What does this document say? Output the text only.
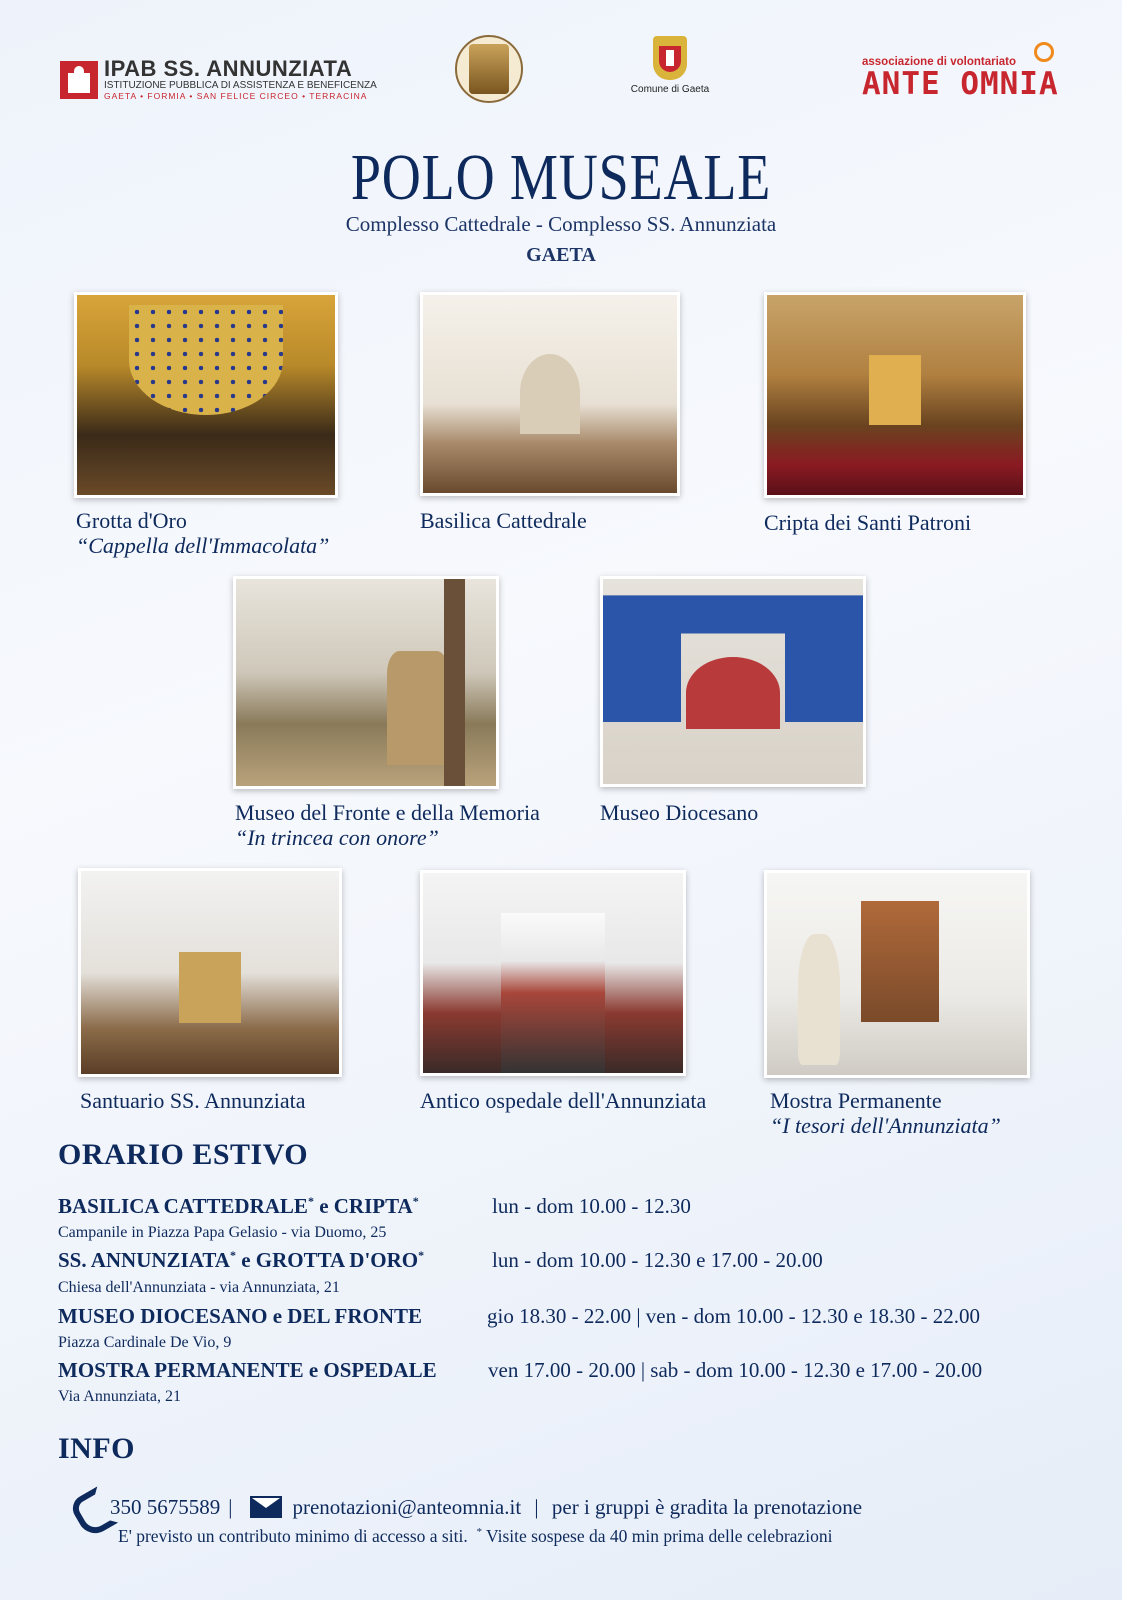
IPAB SS. ANNUNZIATA
ISTITUZIONE PUBBLICA DI ASSISTENZA E BENEFICENZA
GAETA • FORMIA • SAN FELICE CIRCEO • TERRACINA
Comune di Gaeta
associazione di volontariato
ANTE OMNIA
POLO MUSEALE
Complesso Cattedrale - Complesso SS. Annunziata
GAETA
Grotta d'Oro
“Cappella dell'Immacolata”
Basilica Cattedrale	Cripta dei Santi Patroni
Museo del Fronte e della Memoria
“In trincea con onore”
Museo Diocesano
Santuario SS. Annunziata	Antico ospedale dell'Annunziata	Mostra Permanente
“I tesori dell'Annunziata”
ORARIO ESTIVO
BASILICA CATTEDRALE* e CRIPTA*	lun - dom 10.00 - 12.30
Campanile in Piazza Papa Gelasio - via Duomo, 25
SS. ANNUNZIATA* e GROTTA D'ORO*	lun - dom 10.00 - 12.30 e 17.00 - 20.00
Chiesa dell'Annunziata - via Annunziata, 21
MUSEO DIOCESANO e DEL FRONTE	gio 18.30 - 22.00 | ven - dom 10.00 - 12.30 e 18.30 - 22.00
Piazza Cardinale De Vio, 9
MOSTRA PERMANENTE e OSPEDALE ven 17.00 - 20.00 | sab - dom 10.00 - 12.30 e 17.00 - 20.00
Via Annunziata, 21
INFO
350 5675589 |	prenotazioni@anteomnia.it | per i gruppi è gradita la prenotazione
E' previsto un contributo minimo di accesso a siti. * Visite sospese da 40 min prima delle celebrazioni
